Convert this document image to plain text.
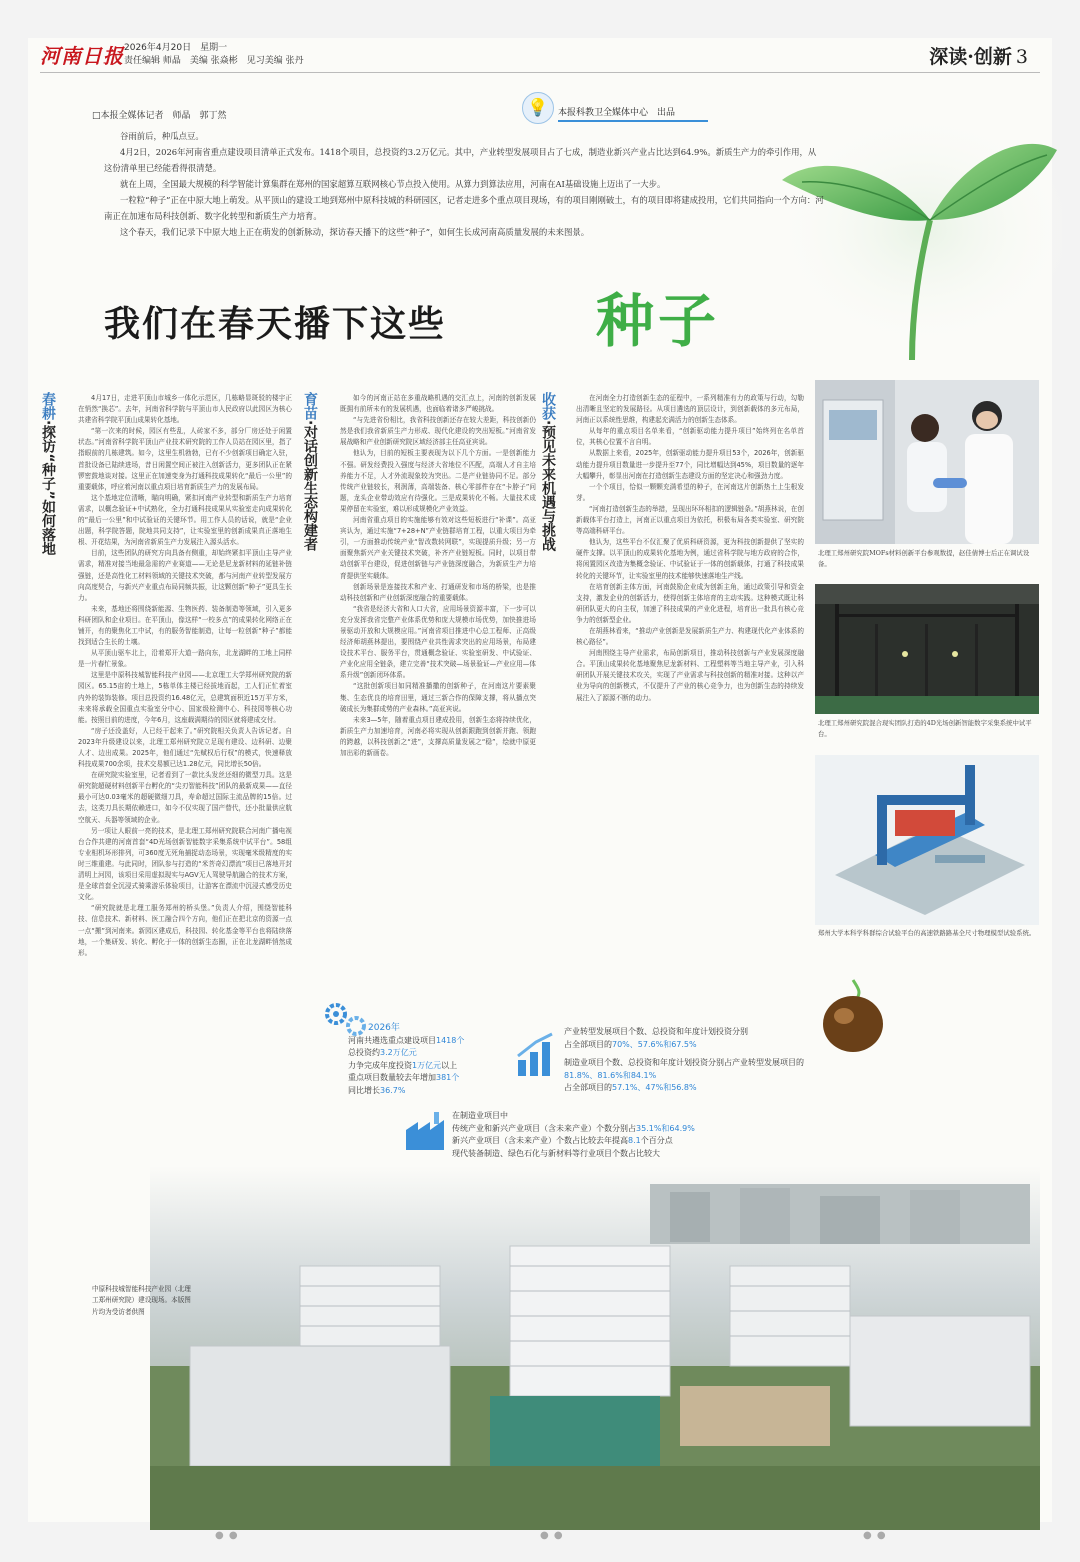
河南日报 2026年4月20日　星期一
责任编辑 师晶　美编 张焱彬　见习美编 张丹	深读·创新 3
□本报全媒体记者　师晶　郭丁然	💡	本报科教卫全媒体中心　出品

谷雨前后，种瓜点豆。

4月2日，2026年河南省重点建设项目清单正式发布。1418个项目，总投资约3.2万亿元。其中，产业转型发展项目占了七成，制造业新兴产业占比达到64.9%。新质生产力的牵引作用，从这份清单里已经能看得很清楚。

就在上周，全国最大规模的科学智能计算集群在郑州的国家超算互联网核心节点投入使用。从算力到算法应用，河南在AI基础设施上迈出了一大步。

一粒粒“种子”正在中原大地上萌发。从平顶山的建设工地到郑州中原科技城的科研园区，记者走进多个重点项目现场，有的项目刚刚破土，有的项目即将建成投用，它们共同指向一个方向：河南正在加速布局科技创新、数字化转型和新质生产力培育。

这个春天，我们记录下中原大地上正在萌发的创新脉动，探访春天播下的这些“种子”，如何生长成河南高质量发展的未来图景。

我们在春天播下这些	种子
春耕·探访“种子”如何落地

4月17日，走进平顶山市城乡一体化示范区，几栋略显斑驳的楼宇正在悄然“换芯”。去年，河南省科学院与平顶山市人民政府以此园区为核心共建省科学院平顶山成果转化基地。

“第一次来的时候，园区有些乱，人砖家不多，部分厂房还处于闲置状态。”河南省科学院平顶山产业技术研究院的工作人员站在园区里，指了指眼前的几栋建筑。如今，这里生机勃勃，已有不少创新项目确定入驻，首批设备已陆续进场，昔日闲置空间正被注入创新活力，更多团队正在紧锣密鼓地谈对接。这里正在加速变身为打通科技成果转化“最后一公里”的重要载体，呼应着河南以重点项目培育新质生产力的发展布局。

这个基地定位清晰，瞄向明确，紧扣河南产业转型和新质生产力培育需求，以概念验证+中试熟化，全力打通科技成果从实验室走向成果转化的“最后一公里”和中试验证的关键环节。用工作人员的话说，就是“企业出题，科学院答题，院地共同支持”，让实验室里的创新成果真正落地生根、开花结果，为河南省新质生产力发展注入源头活水。

目前，这些团队的研究方向具备有侧重，却始终紧扣平顶山主导产业需求，精准对接当地最急需的产业赛道——无论是尼龙新材料的延链补链强链，还是高性化工材料领域的关键技术突破，都与河南产业转型发展方向高度契合，与新兴产业重点布局同频共振，让这颗创新“种子”更具生长力。

未来，基地还将围绕新能源、生物医药、装备制造等领域，引入更多科研团队和企业项目。在平顶山，像这样“一校多点”的成果转化网络正在铺开，有的聚焦化工中试，有的服务智能制造，让每一粒创新“种子”都能找到适合生长的土壤。

从平顶山驱车北上，沿着郑开大道一路向东，北龙湖畔的工地上同样是一片春忙景象。

这里是中原科技城智能科技产业园——北京理工大学郑州研究院的新园区。65.15亩的土地上，5栋单体主楼已经拔地而起，工人们正忙着室内外的装饰装修。项目总投资约16.48亿元，总建筑面积近15万平方米，未来将承载全国重点实验室分中心、国家级检测中心、科技园等核心功能。按照目前的进度，今年6月，这座载满期待的园区就将建成交付。

“房子还没盖好，人已经干起来了。”研究院相关负责人告诉记者。自2023年升级建设以来，北理工郑州研究院立足现有建设、边科研、边聚人才、边出成果。2025年，他们通过“先赋权后行权”的模式，快速释放科技成果700余项，技术交易额已达1.28亿元，同比增长50倍。

在研究院实验室里，记者看到了一款比头发丝还细的微型刀具。这是研究院超硬材料创新平台孵化的“尖刃智能科技”团队的最新成果——直径最小可达0.03毫米的超硬微细刀具，寿命超过国际主流品牌的15倍。过去，这类刀具长期依赖进口，如今不仅实现了国产替代，还小批量供应航空航天、兵器等领域的企业。

另一项让人眼前一亮的技术，是北理工郑州研究院联合河南广播电视台合作共建的河南首套“4D光场创新智能数字采集系统中试平台”。58组专业相机环形排列，可360度无死角捕捉动态场景，实现毫米级精度的实时三维重建。与此同时，团队参与打造的“米菩奇幻漂流”项目已落地开封清明上河园，该项目采用虚拟现实与AGV无人驾驶导航融合的技术方案，是全球首套全沉浸式骑乘游乐体验项目，让游客在漂流中沉浸式感受历史文化。

“研究院就是北理工服务郑州的桥头堡。”负责人介绍，围绕智能科技、信息技术、新材料、医工融合四个方向，他们正在把北京的资源一点一点“搬”到河南来。新园区建成后，科技园、转化基金等平台也将陆续落地，一个集研发、转化、孵化于一体的创新生态圈，正在北龙湖畔悄然成形。

育苗·对话创新生态构建者

如今的河南正站在多重战略机遇的交汇点上，河南的创新发展既拥有前所未有的发展机遇，也面临着诸多严峻挑战。

“与先进省份相比，我省科技创新还存在较大差距，科技创新仍然是我们我省新质生产力形成、现代化建设的突出短板。”河南省发展战略和产业创新研究院区域经济部主任高亚宾说。

他认为，目前的短板主要表现为以下几个方面。一是创新能力不强。研发经费投入强度与经济大省地位不匹配，高端人才自主培养能力不足，人才外流现象较为突出。二是产业链协同不足。部分传统产业链较长，利润薄，高端装备、核心零部件存在“卡脖子”问题，龙头企业带动效应有待强化。三是成果转化不畅。大量技术成果停留在实验室，难以形成规模化产业效益。

河南省重点项目的实施能够有效对这些短板进行“补课”。高亚宾认为，通过实施“7+28+N”产业链群培育工程，以重大项目为牵引，一方面推动传统产业“智改数转网联”，实现提质升级；另一方面聚焦新兴产业关键技术突破，补齐产业链短板。同时，以项目带动创新平台建设，促进创新链与产业链深度融合，为新质生产力培育提供坚实载体。

创新场景是连接技术和产业、打通研发和市场的桥梁，也是推动科技创新和产业创新深度融合的重要载体。

“我省是经济大省和人口大省，应用场景资源丰富，下一步可以充分发挥我省完整产业体系优势和庞大规模市场优势，加快推进场景驱动开放和大规模应用。”河南省项目推进中心总工程师、正高级经济师胡燕林提出，要围绕产业共性需求突出的应用场景，布局建设技术平台、服务平台，贯通概念验证、实验室研发、中试验证、产业化应用全链条，建立完善“技术突破—场景验证—产业应用—体系升级”创新闭环体系。

“这批创新项目如同精准播撒的创新种子，在河南这片要素聚集、生态优良的培育田里，通过三新合作的保障支撑，将从播点突破成长为集群成势的产业森林。”高亚宾说。

未来3—5年，随着重点项目建成投用，创新生态将持续优化，新质生产力加速培育，河南必将实现从创新跟跑到创新并跑、领跑的跨越，以科技创新之“进”，支撑高质量发展之“稳”，绘就中原更加出彩的新画卷。

收获·预见未来机遇与挑战

在河南全力打造创新生态的征程中，一系列精准有力的政策与行动，勾勒出清晰且坚定的发展路径。从项目遴选的顶层设计，到创新载体的多元布局，河南正以系统性思维，构建起充满活力的创新生态体系。

从每年的重点项目名单来看，“创新驱动能力提升项目”始终列在名单首位，其核心位置不言自明。

从数据上来看，2025年，创新驱动能力提升项目53个，2026年，创新驱动能力提升项目数量进一步提升至77个，同比增幅达到45%，项目数量的逐年大幅攀升，彰显出河南在打造创新生态建设方面的坚定决心和强劲力度。

一个个项目，恰似一颗颗充满希望的种子，在河南这片创新热土上生根发芽。

“河南打造创新生态的举措，呈现出环环相扣的逻辑链条。”胡燕林说，在创新载体平台打造上，河南正以重点项目为依托，积极布局各类实验室、研究院等高端科研平台。

他认为，这些平台不仅汇聚了优质科研资源，更为科技创新提供了坚实的硬件支撑。以平顶山的成果转化基地为例，通过省科学院与地方政府的合作，将闲置园区改造为集概念验证、中试验证于一体的创新载体，打通了科技成果转化的关键环节，让实验室里的技术能够快速落地生产线。

在培育创新主体方面，河南鼓励企业成为创新主角，通过政策引导和资金支持，激发企业的创新活力，使得创新主体培育的主动实践。这种模式既让科研团队更大的自主权，加速了科技成果的产业化进程，培育出一批具有核心竞争力的创新型企业。

在胡燕林看来，“推动产业创新是发展新质生产力、构建现代化产业体系的核心路径”。

河南围绕主导产业需求，布局创新项目，推动科技创新与产业发展深度融合。平顶山成果转化基地聚焦尼龙新材料、工程塑料等当地主导产业，引入科研团队开展关键技术攻关，实现了产业需求与科技创新的精准对接。这种以产业为导向的创新模式，不仅提升了产业的核心竞争力，也为创新生态的持续发展注入了源源不断的动力。

北理工郑州研究院MOFs材料创新平台参观数提，赵佳倩博士后正在调试设备。
北理工郑州研究院混合现实团队打造的4D光场创新智能数字采集系统中试平台。
郑州大学本科学科群综合试验平台的高速铁路路基全尺寸物理模型试验系统。
2026年
河南共遴选重点建设项目1418个
总投资约3.2万亿元
力争完成年度投资1万亿元以上
重点项目数量较去年增加381个
同比增长36.7%
产业转型发展项目个数、总投资和年度计划投资分别
占全部项目的70%、57.6%和67.5%
制造业项目个数、总投资和年度计划投资分别占产业转型发展项目的
81.8%、81.6%和84.1%
占全部项目的57.1%、47%和56.8%
在制造业项目中
传统产业和新兴产业项目（含未来产业）个数分别占35.1%和64.9%
新兴产业项目（含未来产业）个数占比较去年提高8.1个百分点
现代装备制造、绿色石化与新材料等行业项目个数占比较大
中原科技城智能科技产业园（北理工郑州研究院）建设现场。本版图片均为受访者供图
● ●	● ●	● ●
